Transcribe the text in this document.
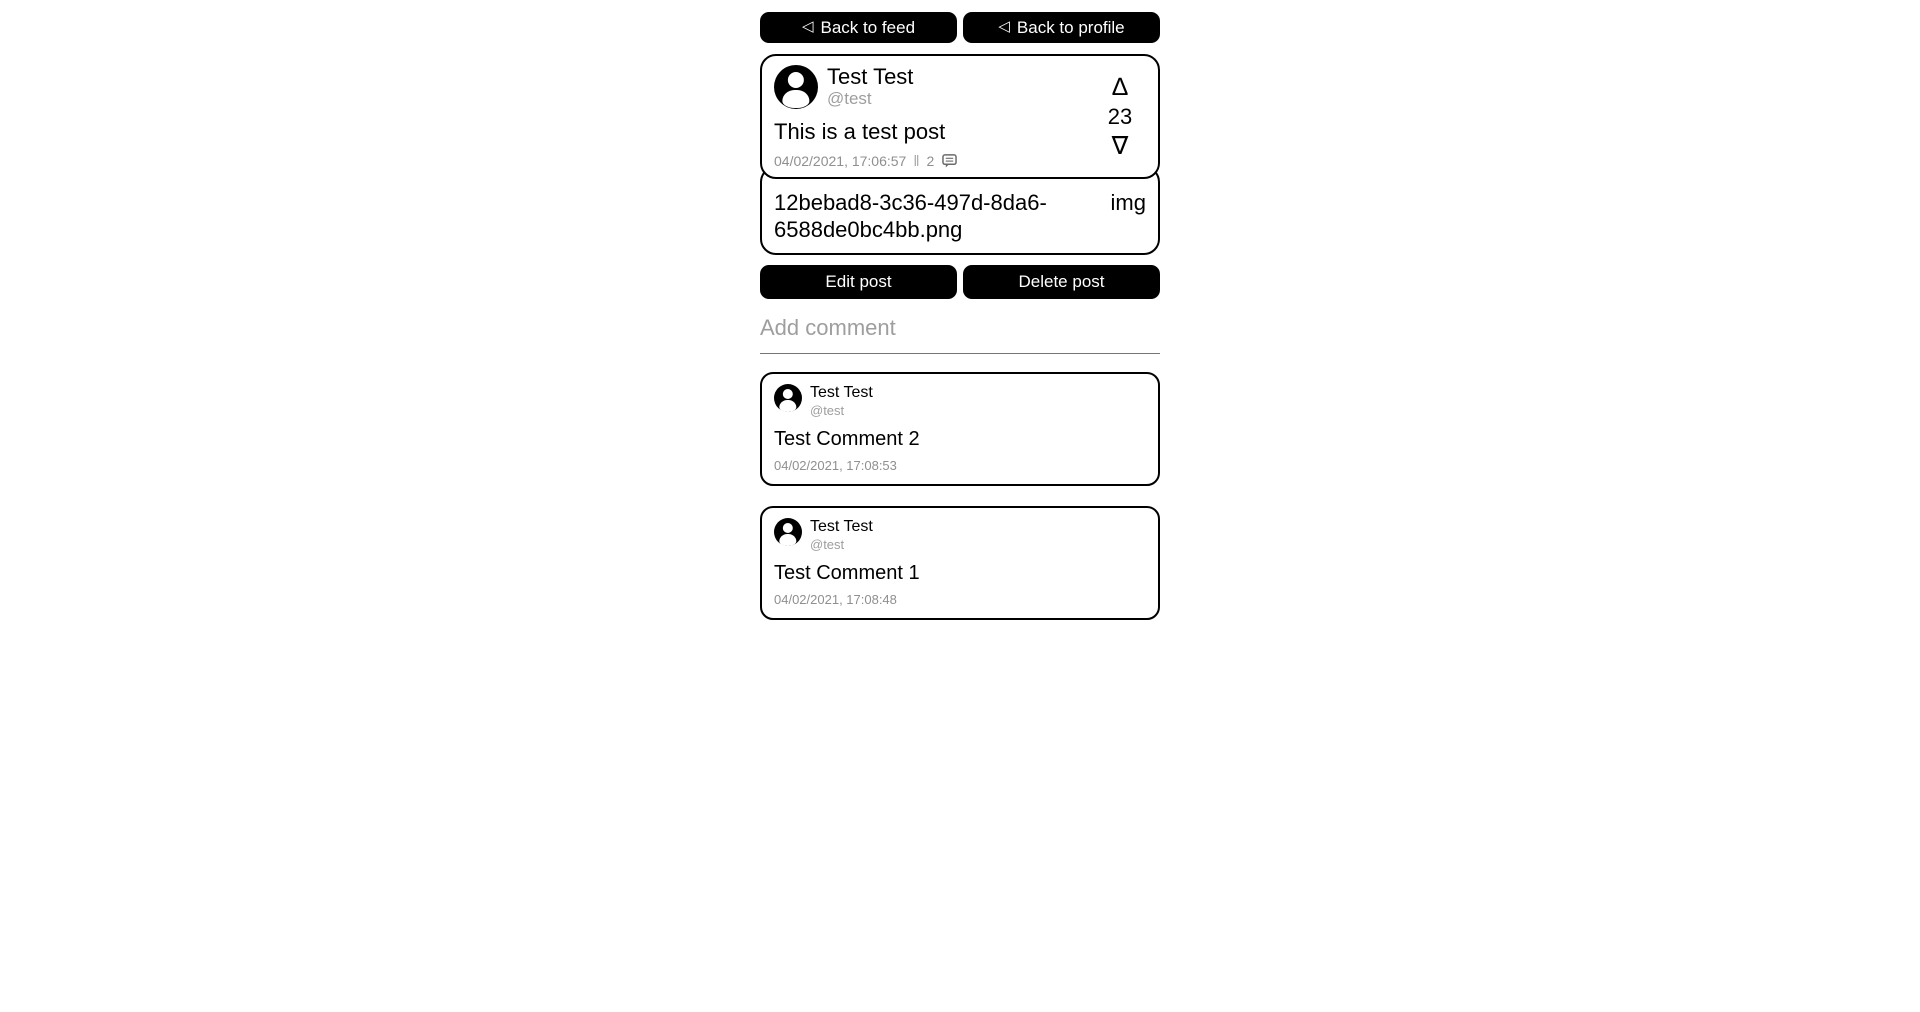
◁ Back to feed	◁ Back to profile
Test Test
@test
This is a test post
04/02/2021, 17:06:57 ‖ 2
∆
23
∇
12bebad8-3c36-497d-8da6-6588de0bc4bb.png
img
Edit post	Delete post
Add comment
Test Test
@test
Test Comment 2
04/02/2021, 17:08:53
Test Test
@test
Test Comment 1
04/02/2021, 17:08:48
